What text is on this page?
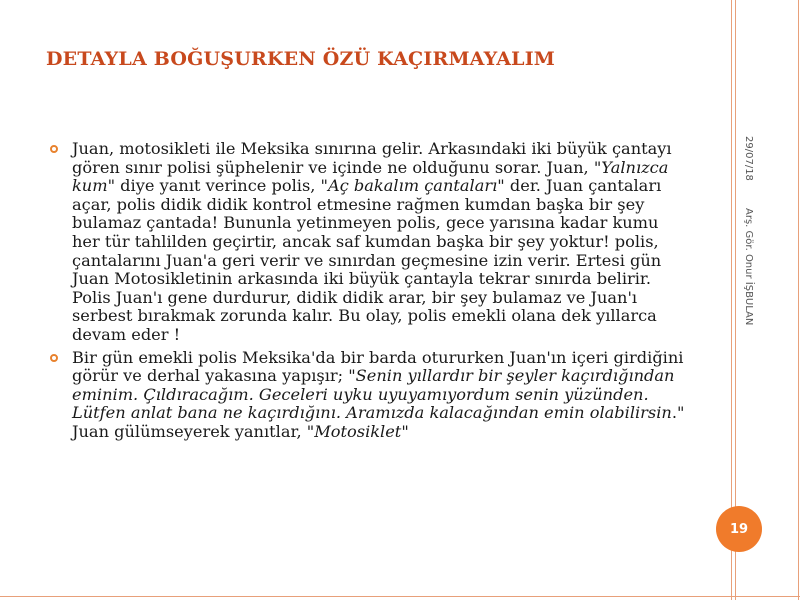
DETAYLA BOĞUŞURKEN ÖZÜ KAÇIRMAYALIM
Juan, motosikleti ile Meksika sınırına gelir. Arkasındaki iki büyük çantayı gören sınır polisi şüphelenir ve içinde ne olduğunu sorar. Juan, "Yalnızca kum" diye yanıt verince polis, "Aç bakalım çantaları" der. Juan çantaları açar, polis didik didik kontrol etmesine rağmen kumdan başka bir şey bulamaz çantada! Bununla yetinmeyen polis, gece yarısına kadar kumu her tür tahlilden geçirtir, ancak saf kumdan başka bir şey yoktur! polis, çantalarını Juan'a geri verir ve sınırdan geçmesine izin verir. Ertesi gün Juan Motosikletinin arkasında iki büyük çantayla tekrar sınırda belirir. Polis Juan'ı gene durdurur, didik didik arar, bir şey bulamaz ve Juan'ı serbest bırakmak zorunda kalır. Bu olay, polis emekli olana dek yıllarca devam eder !
Bir gün emekli polis Meksika'da bir barda otururken Juan'ın içeri girdiğini görür ve derhal yakasına yapışır; "Senin yıllardır bir şeyler kaçırdığından eminim. Çıldıracağım. Geceleri uyku uyuyamıyordum senin yüzünden. Lütfen anlat bana ne kaçırdığını. Aramızda kalacağından emin olabilirsin." Juan gülümseyerek yanıtlar, "Motosiklet"
29/07/18
Arş. Gör. Onur İŞBULAN
19
